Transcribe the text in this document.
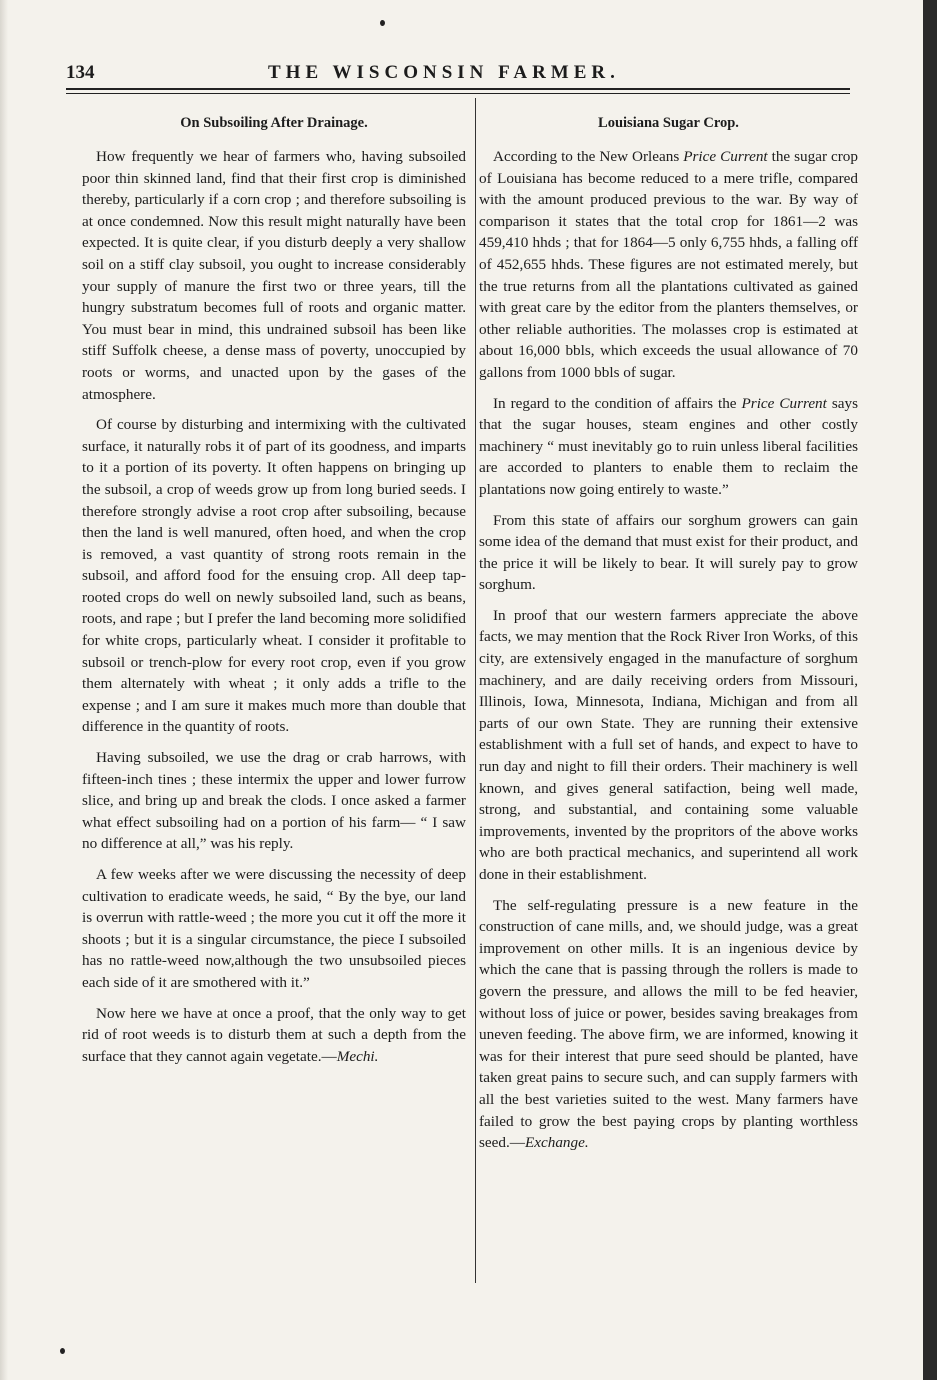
134	THE WISCONSIN FARMER.
On Subsoiling After Drainage.

How frequently we hear of farmers who, having subsoiled poor thin skinned land, find that their first crop is diminished thereby, particularly if a corn crop ; and therefore subsoiling is at once condemned. Now this result might naturally have been expected. It is quite clear, if you disturb deeply a very shallow soil on a stiff clay subsoil, you ought to increase considerably your supply of manure the first two or three years, till the hungry substratum becomes full of roots and organic matter. You must bear in mind, this undrained subsoil has been like stiff Suffolk cheese, a dense mass of poverty, unoccupied by roots or worms, and unacted upon by the gases of the atmosphere.

Of course by disturbing and intermixing with the cultivated surface, it naturally robs it of part of its goodness, and imparts to it a portion of its poverty. It often happens on bringing up the subsoil, a crop of weeds grow up from long buried seeds. I therefore strongly advise a root crop after subsoiling, because then the land is well manured, often hoed, and when the crop is removed, a vast quantity of strong roots remain in the subsoil, and afford food for the ensuing crop. All deep tap-rooted crops do well on newly subsoiled land, such as beans, roots, and rape ; but I prefer the land becoming more solidified for white crops, particularly wheat. I consider it profitable to subsoil or trench-plow for every root crop, even if you grow them alternately with wheat ; it only adds a trifle to the expense ; and I am sure it makes much more than double that difference in the quantity of roots.

Having subsoiled, we use the drag or crab harrows, with fifteen-inch tines ; these intermix the upper and lower furrow slice, and bring up and break the clods. I once asked a farmer what effect subsoiling had on a portion of his farm— “ I saw no difference at all,” was his reply.

A few weeks after we were discussing the necessity of deep cultivation to eradicate weeds, he said, “ By the bye, our land is overrun with rattle-weed ; the more you cut it off the more it shoots ; but it is a singular circumstance, the piece I subsoiled has no rattle-weed now,although the two unsubsoiled pieces each side of it are smothered with it.”

Now here we have at once a proof, that the only way to get rid of root weeds is to disturb them at such a depth from the surface that they cannot again vegetate.—Mechi.

Louisiana Sugar Crop.

According to the New Orleans Price Current the sugar crop of Louisiana has become reduced to a mere trifle, compared with the amount produced previous to the war. By way of comparison it states that the total crop for 1861—2 was 459,410 hhds ; that for 1864—5 only 6,755 hhds, a falling off of 452,655 hhds. These figures are not estimated merely, but the true returns from all the plantations cultivated as gained with great care by the editor from the planters themselves, or other reliable authorities. The molasses crop is estimated at about 16,000 bbls, which exceeds the usual allowance of 70 gallons from 1000 bbls of sugar.

In regard to the condition of affairs the Price Current says that the sugar houses, steam engines and other costly machinery “ must inevitably go to ruin unless liberal facilities are accorded to planters to enable them to reclaim the plantations now going entirely to waste.”

From this state of affairs our sorghum growers can gain some idea of the demand that must exist for their product, and the price it will be likely to bear. It will surely pay to grow sorghum.

In proof that our western farmers appreciate the above facts, we may mention that the Rock River Iron Works, of this city, are extensively engaged in the manufacture of sorghum machinery, and are daily receiving orders from Missouri, Illinois, Iowa, Minnesota, Indiana, Michigan and from all parts of our own State. They are running their extensive establishment with a full set of hands, and expect to have to run day and night to fill their orders. Their machinery is well known, and gives general satifaction, being well made, strong, and substantial, and containing some valuable improvements, invented by the propritors of the above works who are both practical mechanics, and superintend all work done in their establishment.

The self-regulating pressure is a new feature in the construction of cane mills, and, we should judge, was a great improvement on other mills. It is an ingenious device by which the cane that is passing through the rollers is made to govern the pressure, and allows the mill to be fed heavier, without loss of juice or power, besides saving breakages from uneven feeding. The above firm, we are informed, knowing it was for their interest that pure seed should be planted, have taken great pains to secure such, and can supply farmers with all the best varieties suited to the west. Many farmers have failed to grow the best paying crops by planting worthless seed.—Exchange.
